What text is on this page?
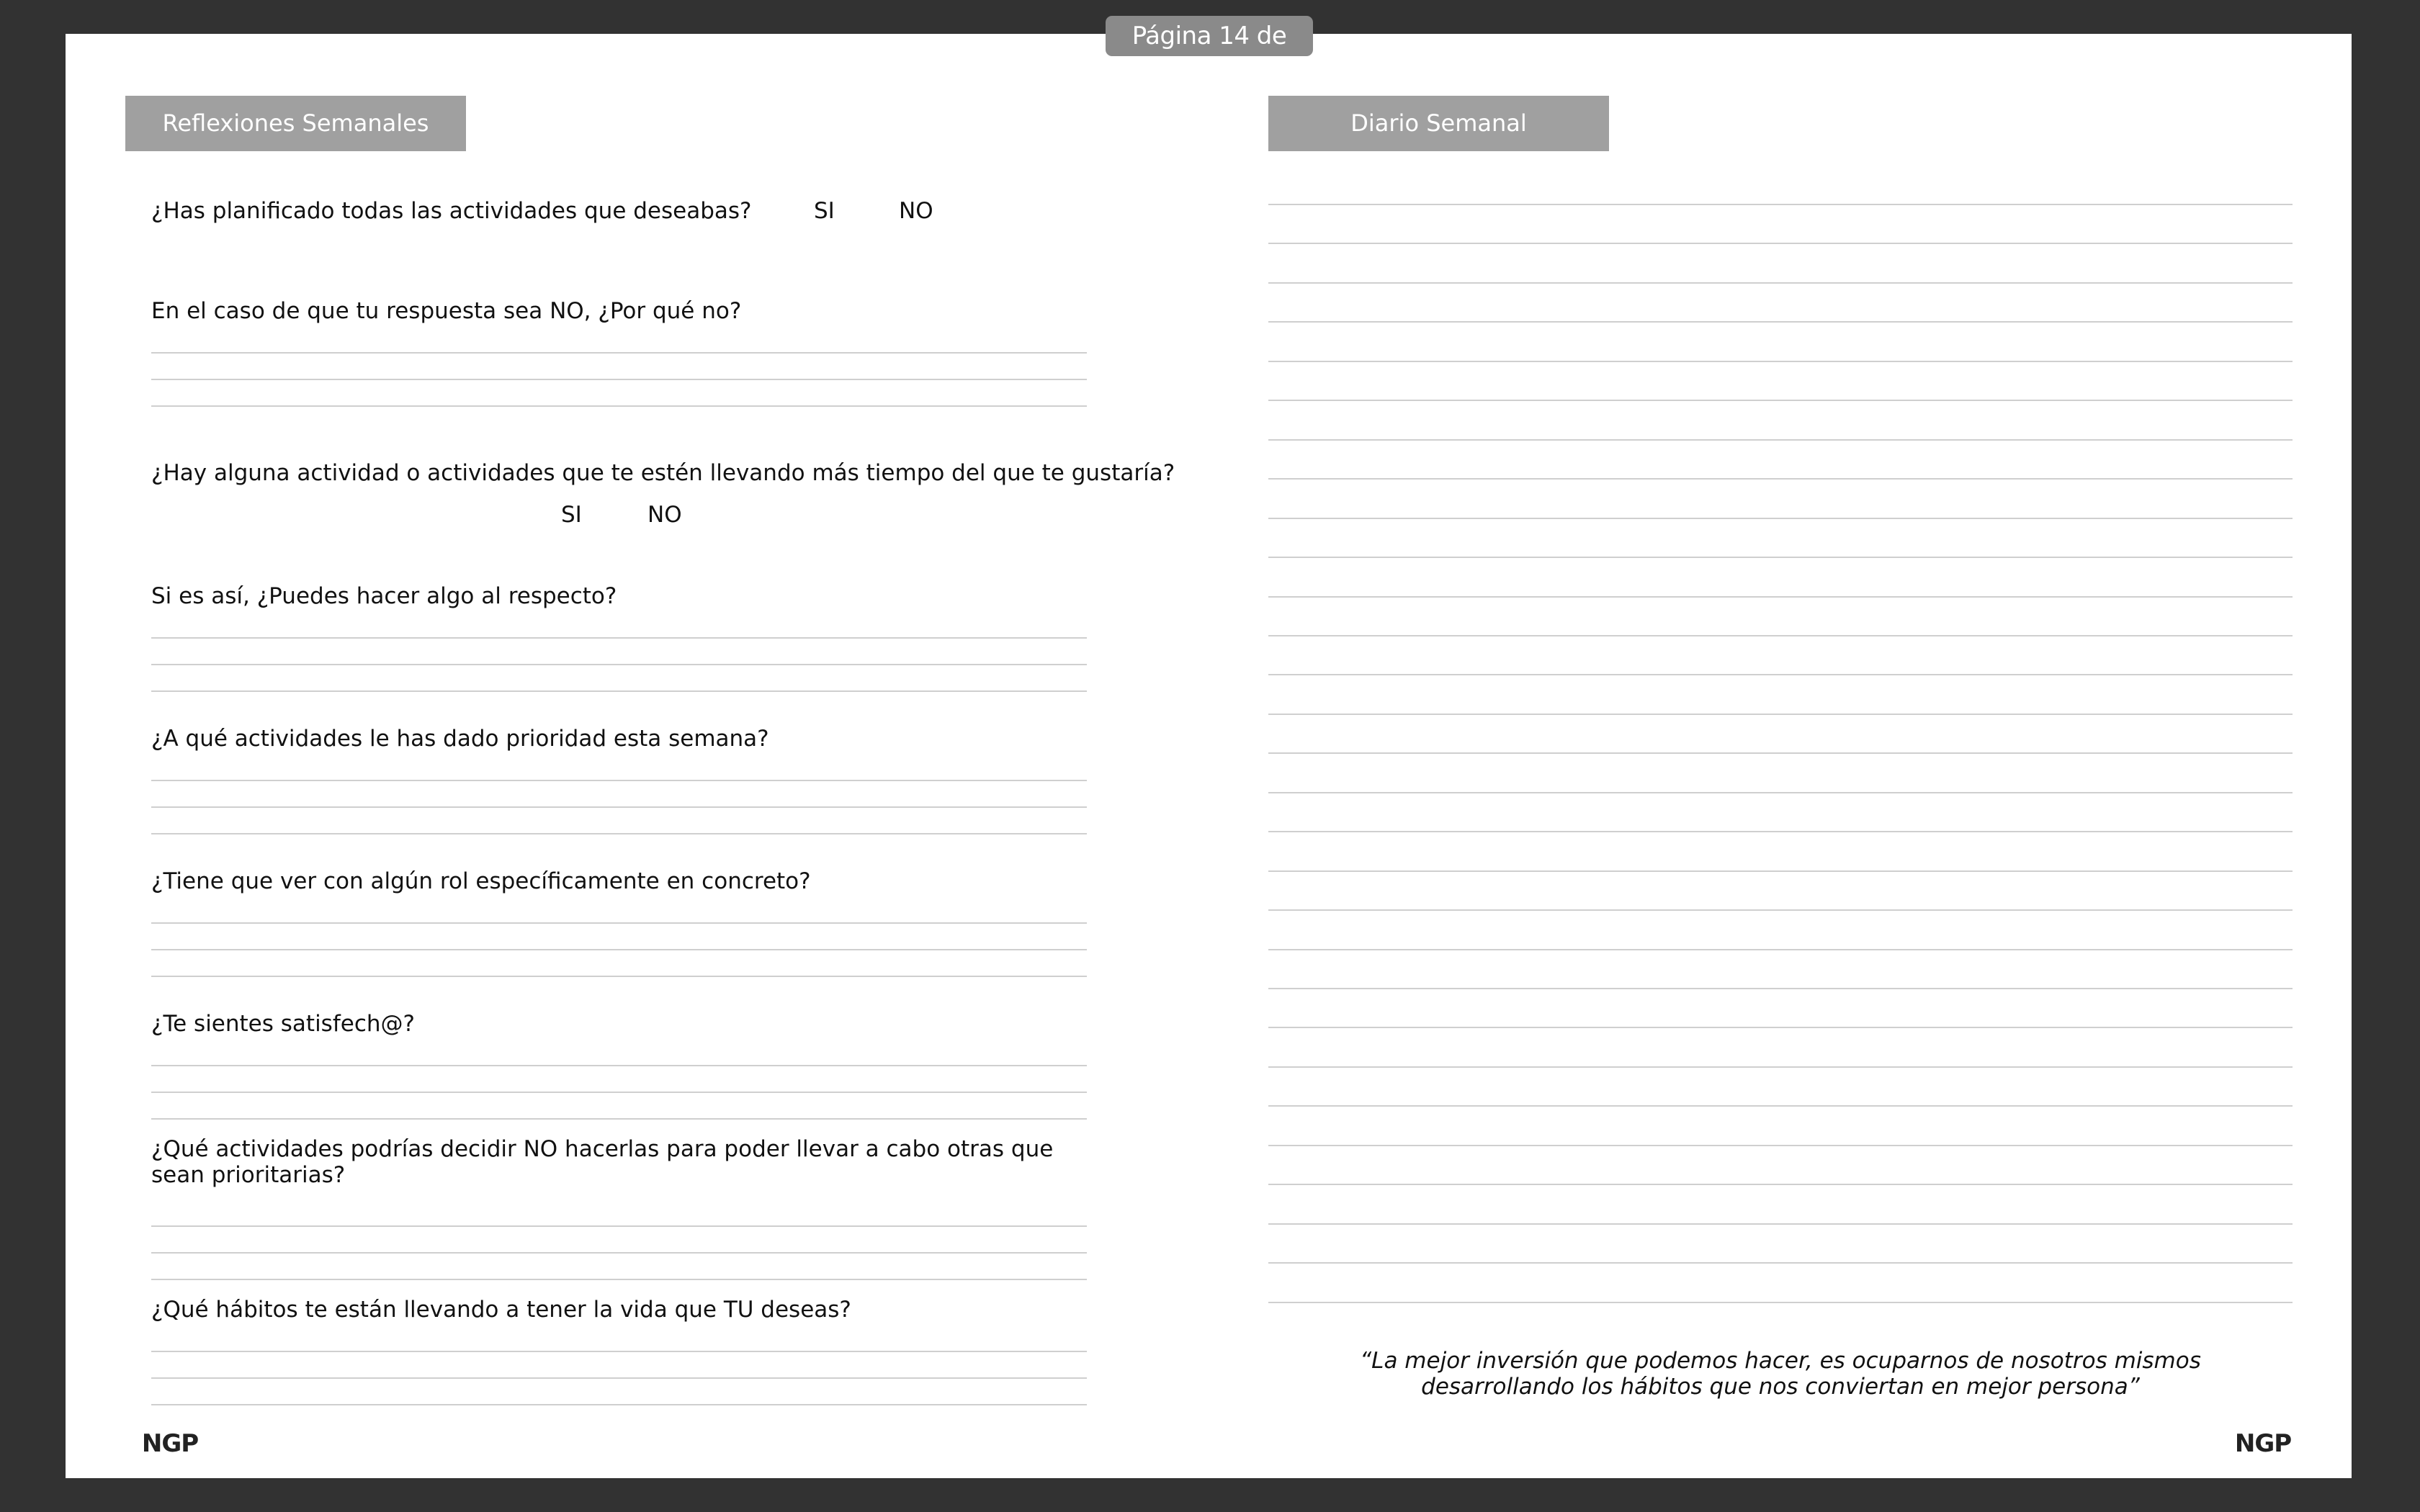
Página 14 de 115
Reflexiones Semanales
¿Has planificado todas las actividades que deseabas?	SI	NO
En el caso de que tu respuesta sea NO, ¿Por qué no?
¿Hay alguna actividad o actividades que te estén llevando más tiempo del que te gustaría?
SI	NO
Si es así, ¿Puedes hacer algo al respecto?
¿A qué actividades le has dado prioridad esta semana?
¿Tiene que ver con algún rol específicamente en concreto?
¿Te sientes satisfech@?
¿Qué actividades podrías decidir NO hacerlas para poder llevar a cabo otras que sean prioritarias?
¿Qué hábitos te están llevando a tener la vida que TU deseas?
NGP
Diario Semanal
“La mejor inversión que podemos hacer, es ocuparnos de nosotros mismos
desarrollando los hábitos que nos conviertan en mejor persona”
NGP
